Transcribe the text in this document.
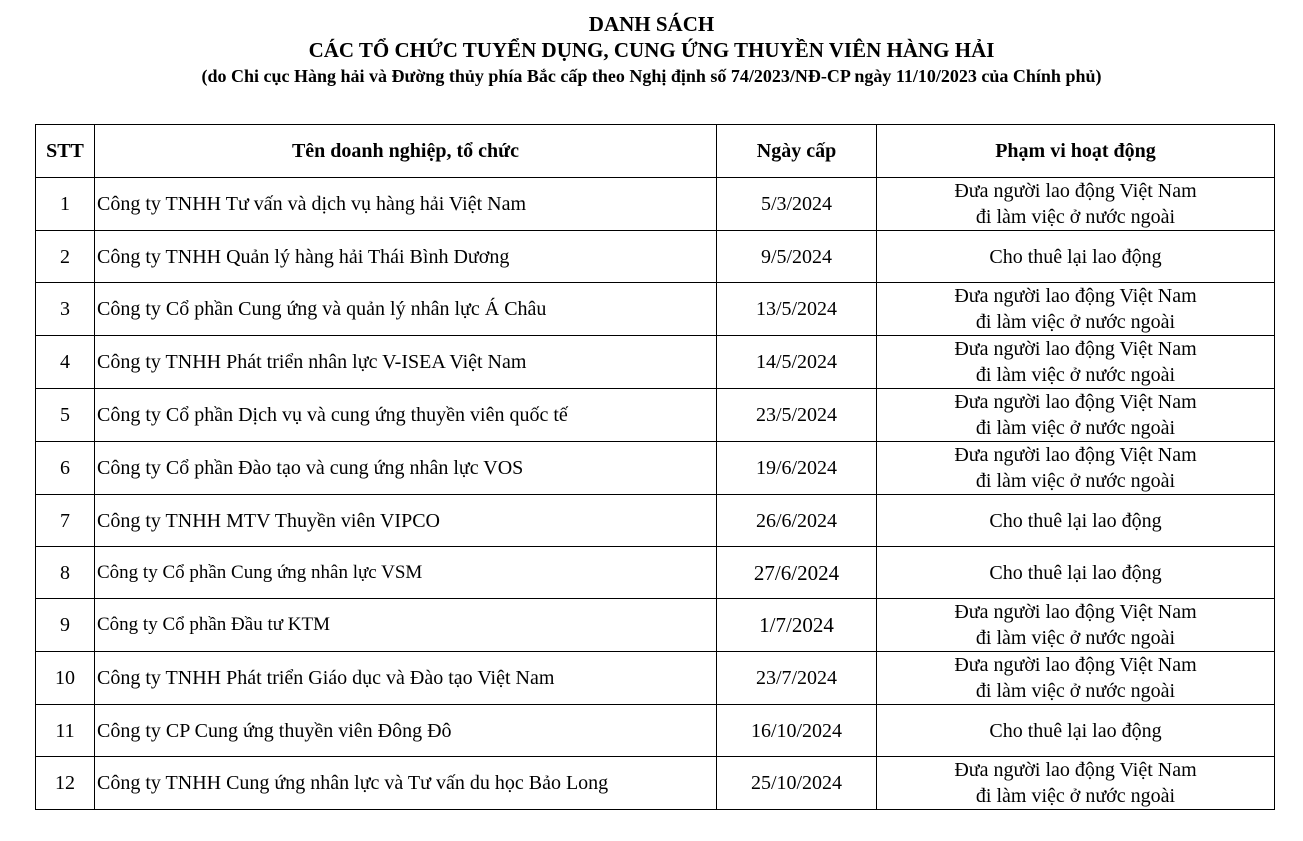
DANH SÁCH
CÁC TỔ CHỨC TUYỂN DỤNG, CUNG ỨNG THUYỀN VIÊN HÀNG HẢI
(do Chi cục Hàng hải và Đường thủy phía Bắc cấp theo Nghị định số 74/2023/NĐ-CP ngày 11/10/2023 của Chính phủ)
STT	Tên doanh nghiệp, tổ chức	Ngày cấp	Phạm vi hoạt động
1	Công ty TNHH Tư vấn và dịch vụ hàng hải Việt Nam	5/3/2024	Đưa người lao động Việt Nam
đi làm việc ở nước ngoài

2	Công ty TNHH Quản lý hàng hải Thái Bình Dương	9/5/2024	Cho thuê lại lao động

3	Công ty Cổ phần Cung ứng và quản lý nhân lực Á Châu	13/5/2024	Đưa người lao động Việt Nam
đi làm việc ở nước ngoài

4	Công ty TNHH Phát triển nhân lực V-ISEA Việt Nam	14/5/2024	Đưa người lao động Việt Nam
đi làm việc ở nước ngoài

5	Công ty Cổ phần Dịch vụ và cung ứng thuyền viên quốc tế	23/5/2024	Đưa người lao động Việt Nam
đi làm việc ở nước ngoài

6	Công ty Cổ phần Đào tạo và cung ứng nhân lực VOS	19/6/2024	Đưa người lao động Việt Nam
đi làm việc ở nước ngoài

7	Công ty TNHH MTV Thuyền viên VIPCO	26/6/2024	Cho thuê lại lao động

8	Công ty Cổ phần Cung ứng nhân lực VSM	27/6/2024	Cho thuê lại lao động

9	Công ty Cổ phần Đầu tư KTM	1/7/2024	Đưa người lao động Việt Nam
đi làm việc ở nước ngoài

10	Công ty TNHH Phát triển Giáo dục và Đào tạo Việt Nam	23/7/2024	Đưa người lao động Việt Nam
đi làm việc ở nước ngoài

11	Công ty CP Cung ứng thuyền viên Đông Đô	16/10/2024	Cho thuê lại lao động

12	Công ty TNHH Cung ứng nhân lực và Tư vấn du học Bảo Long	25/10/2024	Đưa người lao động Việt Nam
đi làm việc ở nước ngoài
